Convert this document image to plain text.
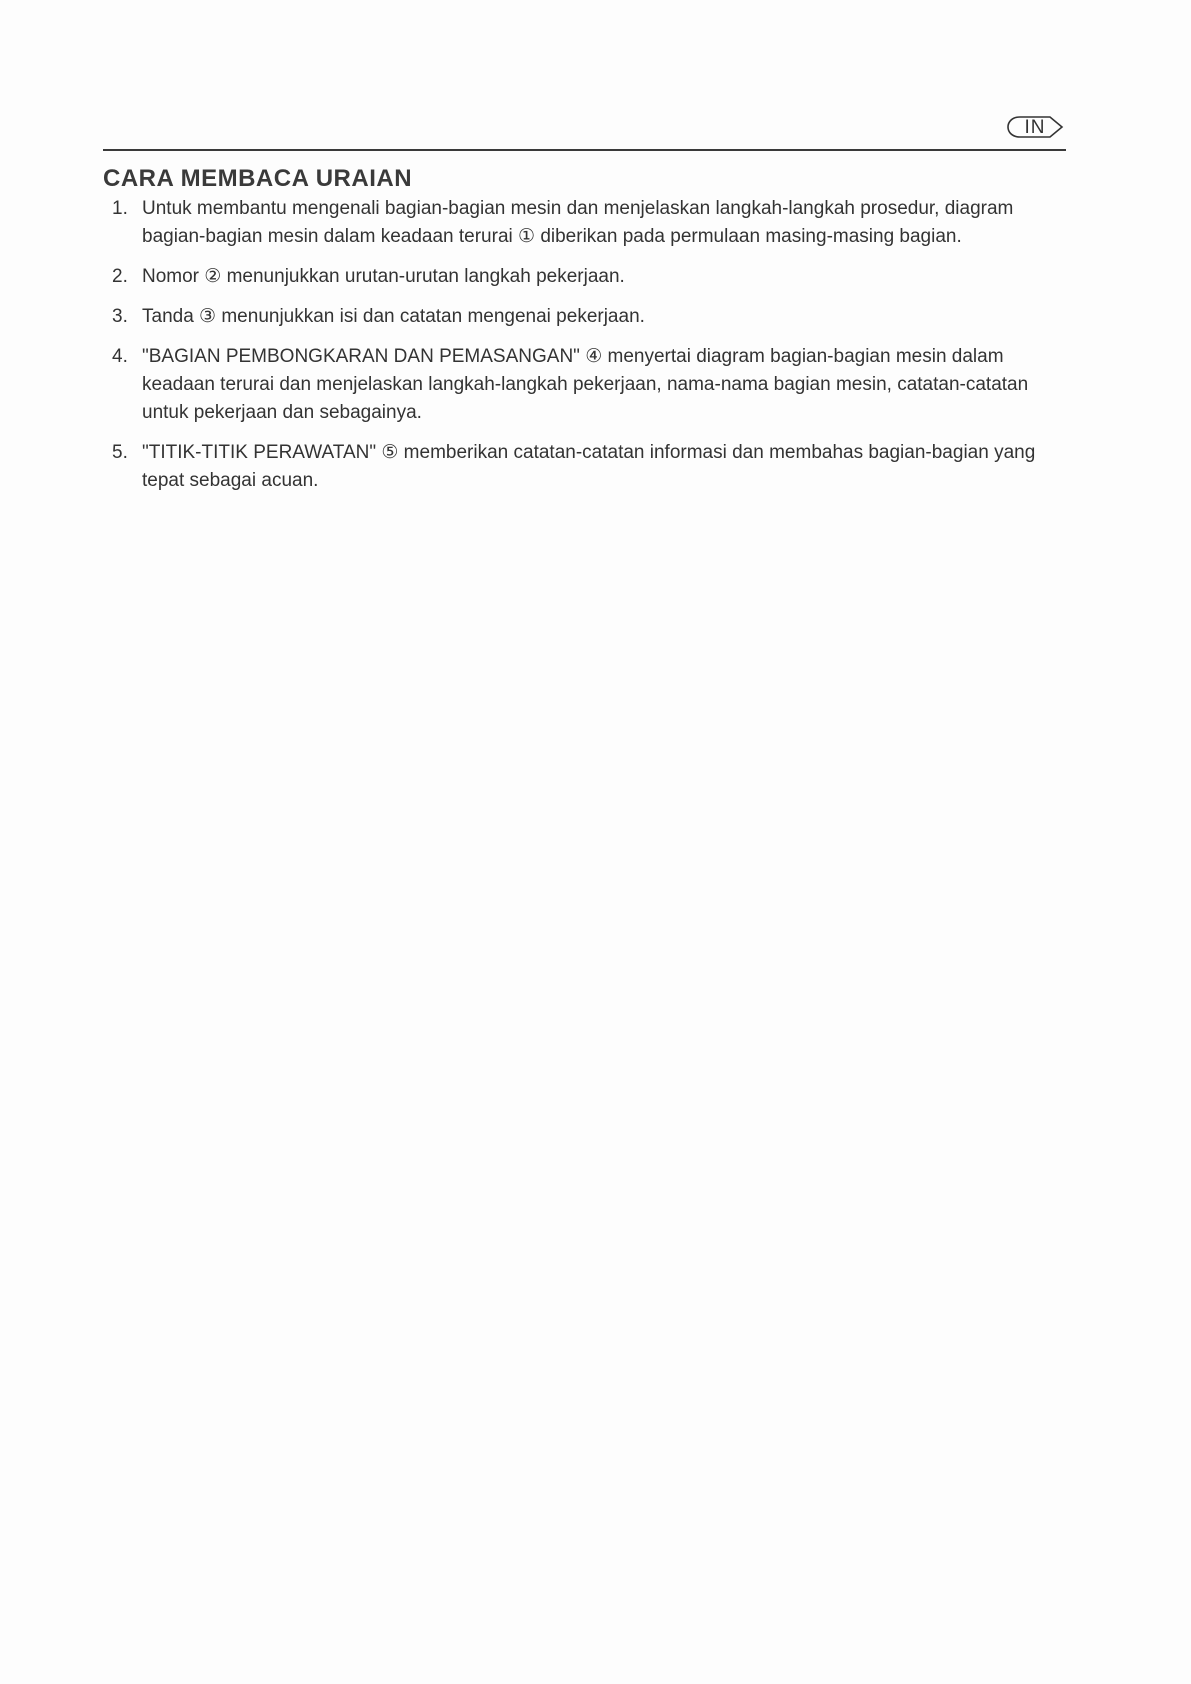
IN
CARA MEMBACA URAIAN
1. Untuk membantu mengenali bagian-bagian mesin dan menjelaskan langkah-langkah prosedur, diagram bagian-bagian mesin dalam keadaan terurai ① diberikan pada permulaan masing-masing bagian.
2. Nomor ② menunjukkan urutan-urutan langkah pekerjaan.
3. Tanda ③ menunjukkan isi dan catatan mengenai pekerjaan.
4. "BAGIAN PEMBONGKARAN DAN PEMASANGAN" ④ menyertai diagram bagian-bagian mesin dalam keadaan terurai dan menjelaskan langkah-langkah pekerjaan, nama-nama bagian mesin, catatan-catatan untuk pekerjaan dan sebagainya.
5. "TITIK-TITIK PERAWATAN" ⑤ memberikan catatan-catatan informasi dan membahas bagian-bagian yang tepat sebagai acuan.
